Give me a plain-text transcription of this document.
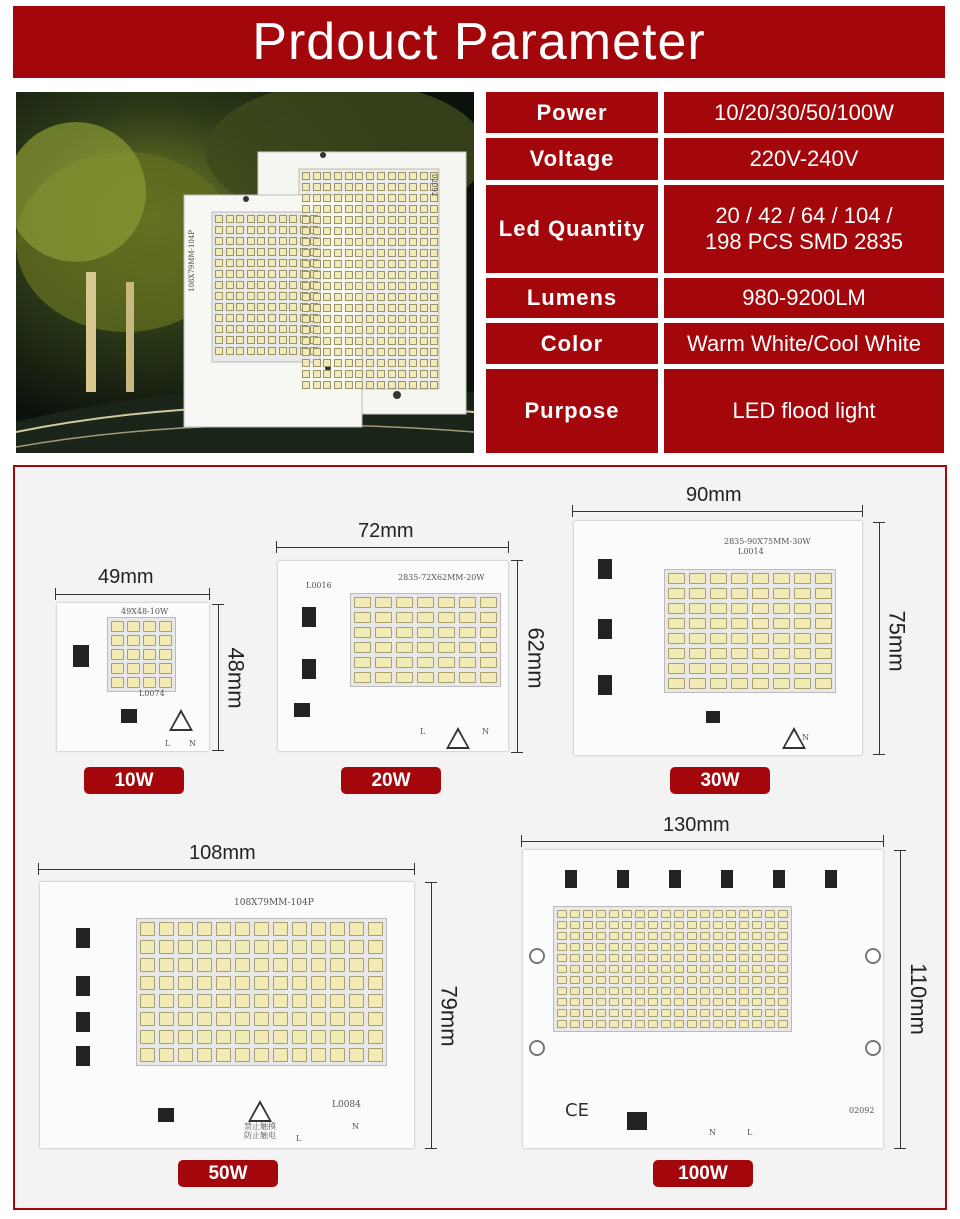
Prdouct Parameter
108X79MM-104P
02092
Power	10/20/30/50/100W
Voltage	220V-240V
Led Quantity
20 / 42 / 64 / 104 /
198 PCS SMD 2835
Lumens	980-9200LM
Color	Warm White/Cool White
Purpose	LED flood light
49mm
48mm
49X48-10W
L0074
L N
10W
72mm
62mm
2835-72X62MM-20W
L0016
L	N
20W
90mm
75mm
2835-90X75MM-30W
L0014
N
30W
108mm
79mm
108X79MM-104P
禁止触摸
防止触电
L0084
L
N
50W
130mm
110mm
CE	02092
L
N
100W
